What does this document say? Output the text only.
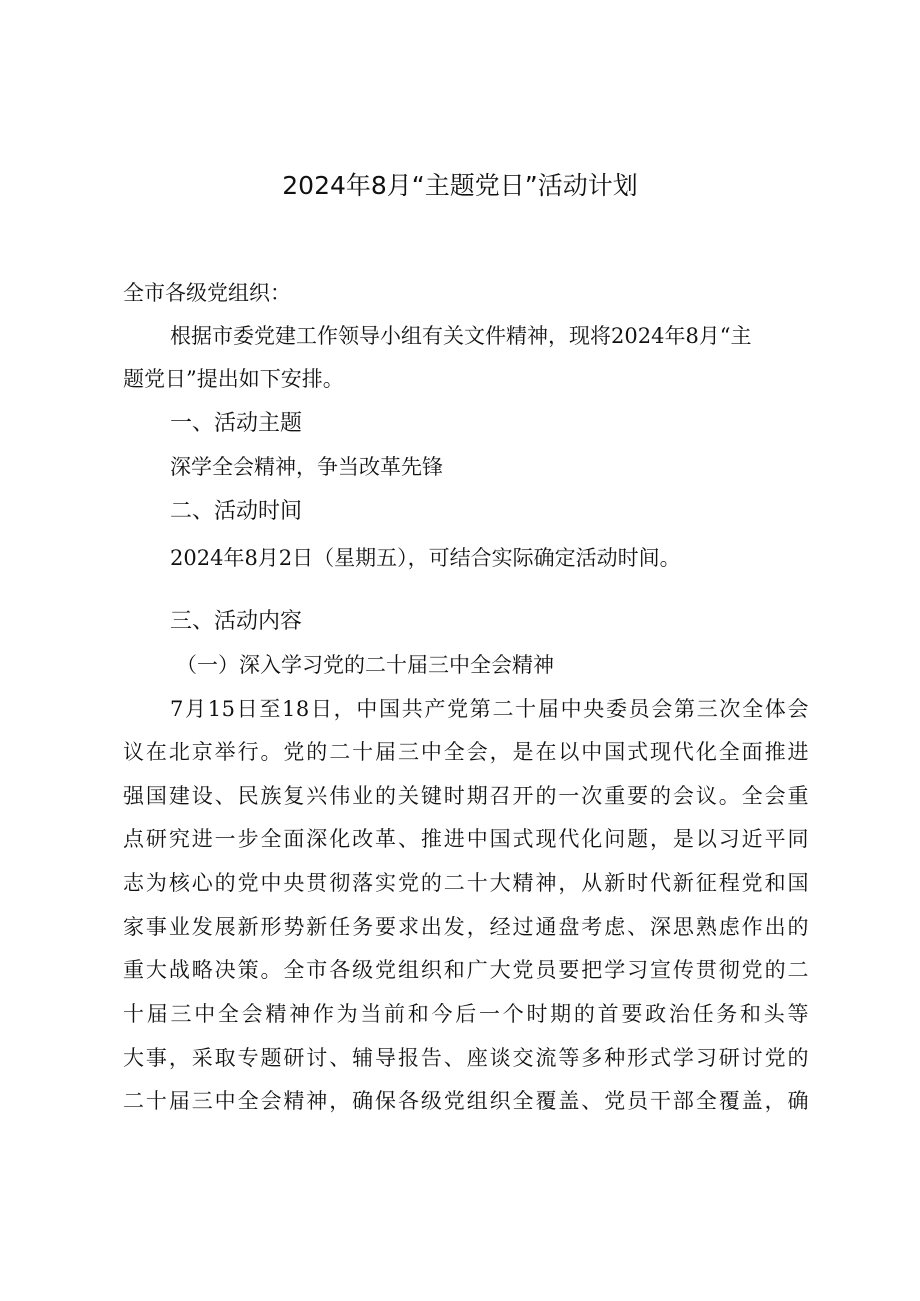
2024年8月“主题党日”活动计划
全市各级党组织：
根据市委党建工作领导小组有关文件精神，现将2024年8月“主
题党日”提出如下安排。
一、活动主题
深学全会精神，争当改革先锋
二、活动时间
2024年8月2日（星期五），可结合实际确定活动时间。
三、活动内容
（一）深入学习党的二十届三中全会精神
7月15日至18日，中国共产党第二十届中央委员会第三次全体会
议在北京举行。党的二十届三中全会，是在以中国式现代化全面推进
强国建设、民族复兴伟业的关键时期召开的一次重要的会议。全会重
点研究进一步全面深化改革、推进中国式现代化问题，是以习近平同
志为核心的党中央贯彻落实党的二十大精神，从新时代新征程党和国
家事业发展新形势新任务要求出发，经过通盘考虑、深思熟虑作出的
重大战略决策。全市各级党组织和广大党员要把学习宣传贯彻党的二
十届三中全会精神作为当前和今后一个时期的首要政治任务和头等
大事，采取专题研讨、辅导报告、座谈交流等多种形式学习研讨党的
二十届三中全会精神，确保各级党组织全覆盖、党员干部全覆盖，确
